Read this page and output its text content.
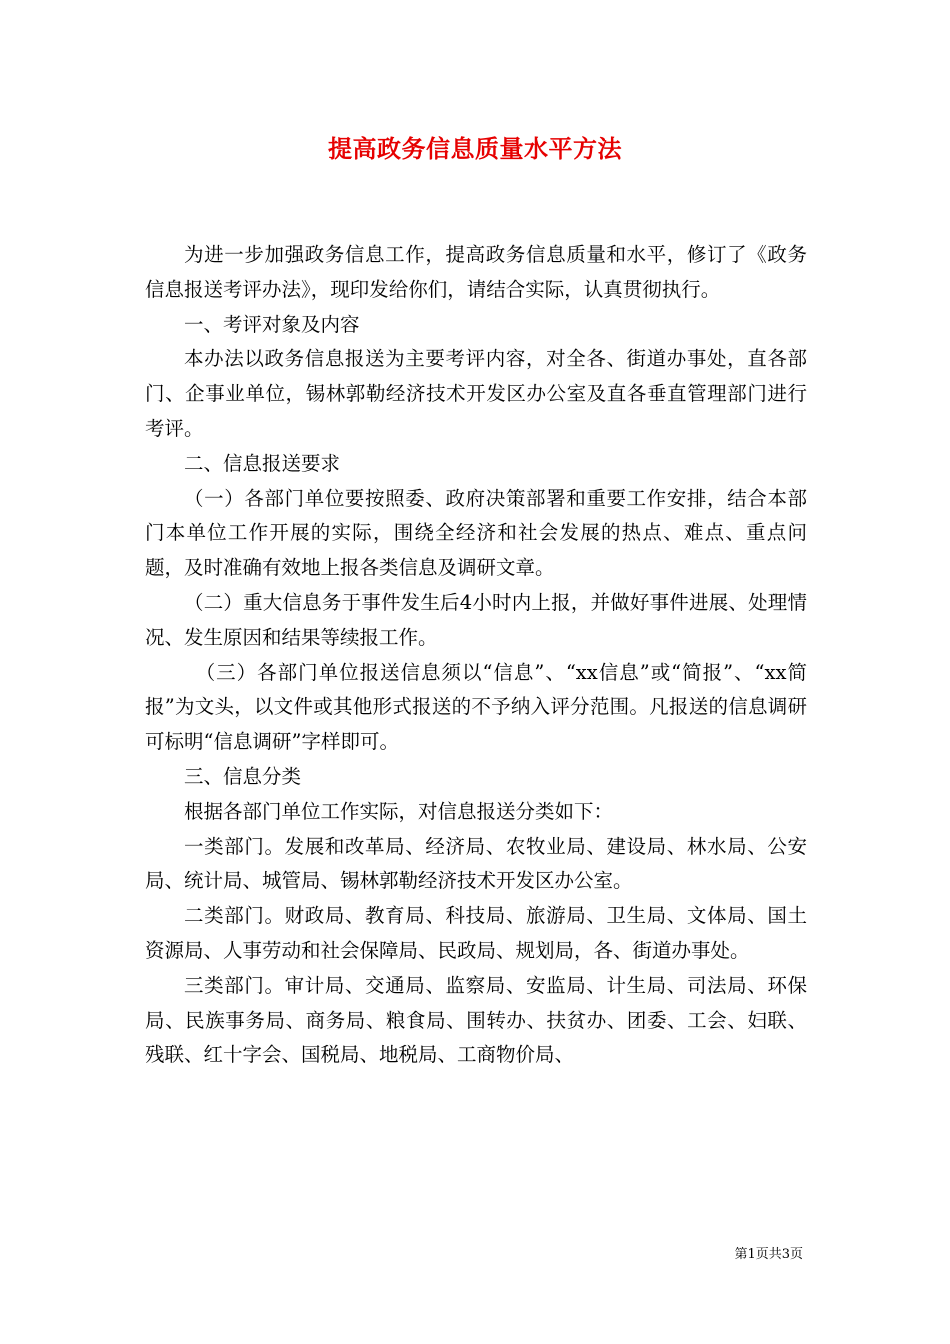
提高政务信息质量水平方法

为进一步加强政务信息工作，提高政务信息质量和水平，修订了《政务信息报送考评办法》，现印发给你们，请结合实际，认真贯彻执行。

一、考评对象及内容

本办法以政务信息报送为主要考评内容，对全各、街道办事处，直各部门、企事业单位，锡林郭勒经济技术开发区办公室及直各垂直管理部门进行考评。

二、信息报送要求

（一）各部门单位要按照委、政府决策部署和重要工作安排，结合本部门本单位工作开展的实际，围绕全经济和社会发展的热点、难点、重点问题，及时准确有效地上报各类信息及调研文章。

（二）重大信息务于事件发生后4小时内上报，并做好事件进展、处理情况、发生原因和结果等续报工作。

（三）各部门单位报送信息须以“信息”、“xx信息”或“简报”、“xx简报”为文头，以文件或其他形式报送的不予纳入评分范围。凡报送的信息调研可标明“信息调研”字样即可。

三、信息分类

根据各部门单位工作实际，对信息报送分类如下：

一类部门。发展和改革局、经济局、农牧业局、建设局、林水局、公安局、统计局、城管局、锡林郭勒经济技术开发区办公室。

二类部门。财政局、教育局、科技局、旅游局、卫生局、文体局、国土资源局、人事劳动和社会保障局、民政局、规划局，各、街道办事处。

三类部门。审计局、交通局、监察局、安监局、计生局、司法局、环保局、民族事务局、商务局、粮食局、围转办、扶贫办、团委、工会、妇联、残联、红十字会、国税局、地税局、工商物价局、

第1页共3页
